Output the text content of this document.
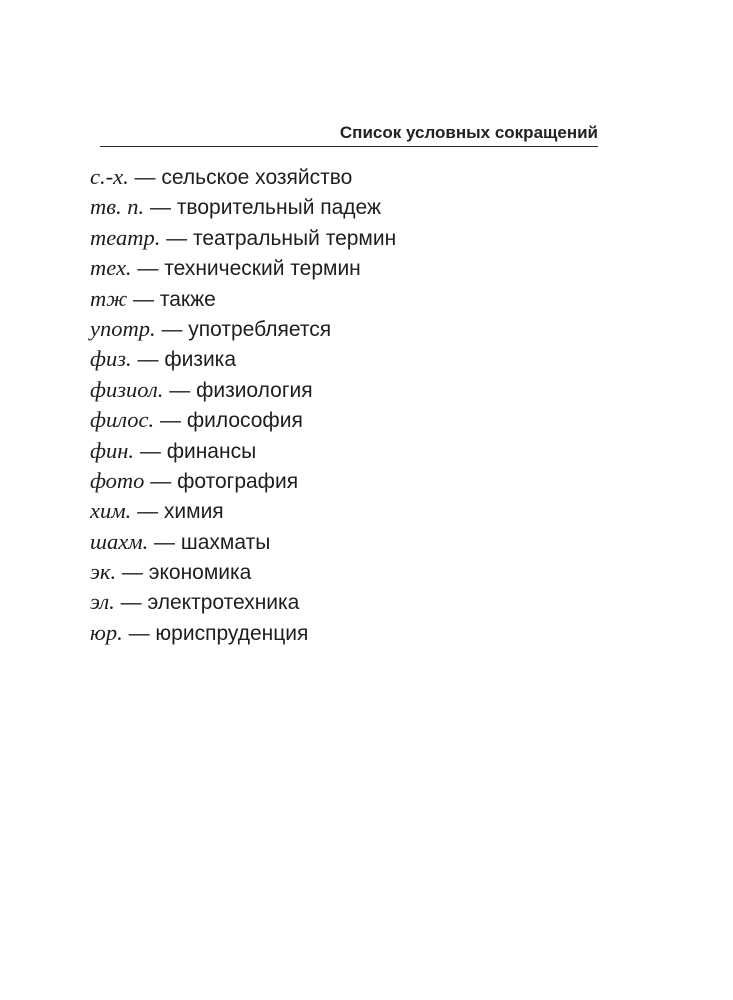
Список условных сокращений
с.-х. — сельское хозяйство
тв. п. — творительный падеж
театр. — театральный термин
тех. — технический термин
тж — также
употр. — употребляется
физ. — физика
физиол. — физиология
филос. — философия
фин. — финансы
фото — фотография
хим. — химия
шахм. — шахматы
эк. — экономика
эл. — электротехника
юр. — юриспруденция
